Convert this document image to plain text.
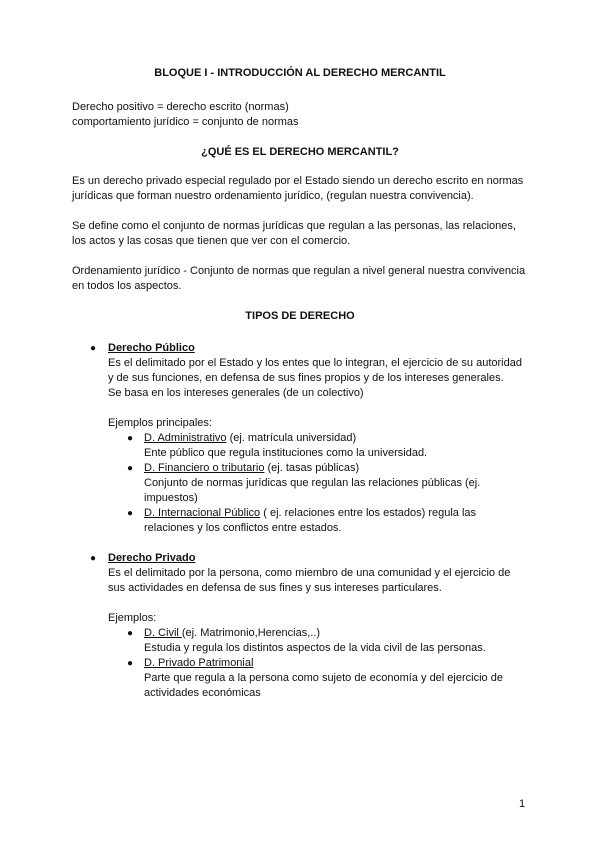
BLOQUE I - INTRODUCCIÓN AL DERECHO MERCANTIL
Derecho positivo = derecho escrito (normas)
comportamiento jurídico = conjunto de normas
¿QUÉ ES EL DERECHO MERCANTIL?

Es un derecho privado especial regulado por el Estado siendo un derecho escrito en normas jurídicas que forman nuestro ordenamiento jurídico, (regulan nuestra convivencia).

Se define como el conjunto de normas jurídicas que regulan a las personas, las relaciones, los actos y las cosas que tienen que ver con el comercio.

Ordenamiento jurídico - Conjunto de normas que regulan a nivel general nuestra convivencia en todos los aspectos.

TIPOS DE DERECHO
● Derecho Público
Es el delimitado por el Estado y los entes que lo integran, el ejercicio de su autoridad y de sus funciones, en defensa de sus fines propios y de los intereses generales.
Se basa en los intereses generales (de un colectivo)
Ejemplos principales:
● D. Administrativo (ej. matrícula universidad)
Ente público que regula instituciones como la universidad.
● D. Financiero o tributario (ej. tasas públicas)
Conjunto de normas jurídicas que regulan las relaciones públicas (ej. impuestos)
● D. Internacional Público ( ej. relaciones entre los estados) regula las relaciones y los conflictos entre estados.
● Derecho Privado
Es el delimitado por la persona, como miembro de una comunidad y el ejercicio de sus actividades en defensa de sus fines y sus intereses particulares.
Ejemplos:
● D. Civil (ej. Matrimonio,Herencias,..)
Estudia y regula los distintos aspectos de la vida civil de las personas.
● D. Privado Patrimonial
Parte que regula a la persona como sujeto de economía y del ejercicio de actividades económicas
1
